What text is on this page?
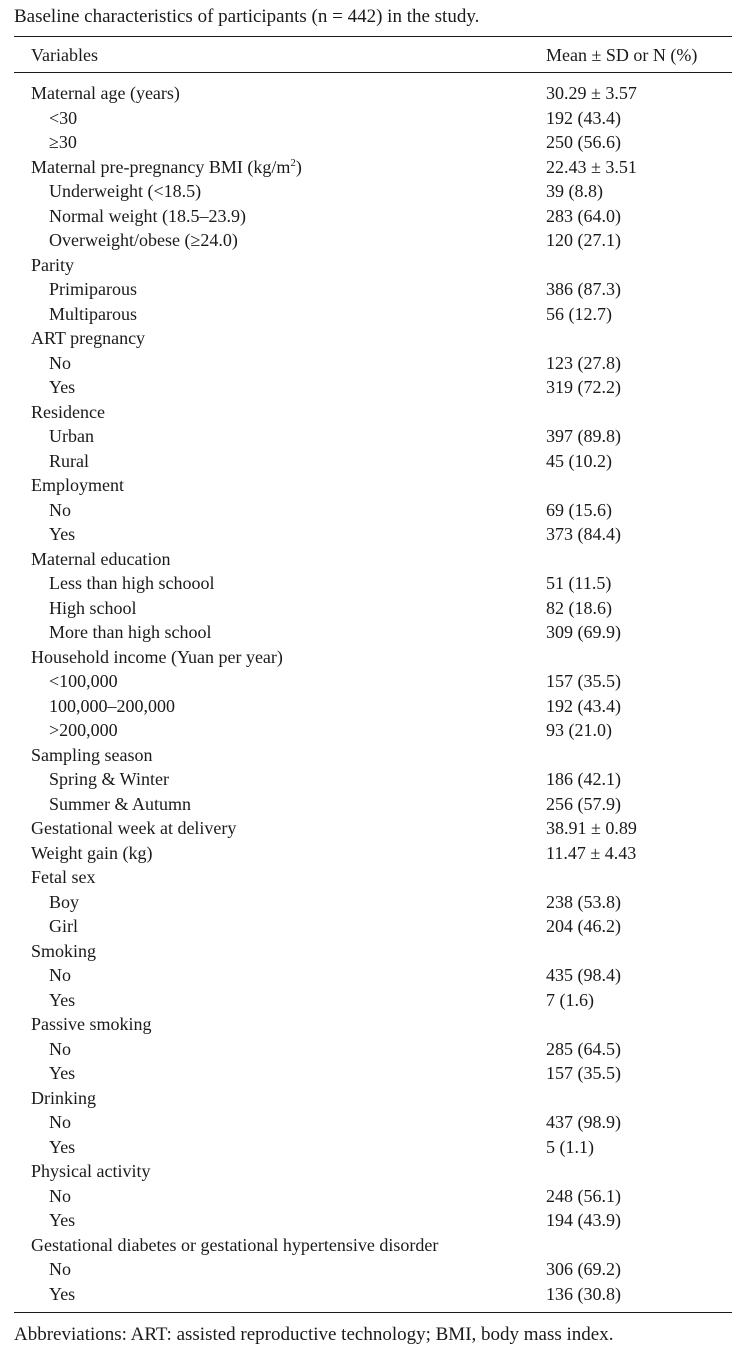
Baseline characteristics of participants (n = 442) in the study.
Variables	Mean ± SD or N (%)
Maternal age (years)	30.29 ± 3.57
<30	192 (43.4)
≥30	250 (56.6)
Maternal pre-pregnancy BMI $(kg/m^2)$	22.43 ± 3.51
Underweight (<18.5)	39 (8.8)
Normal weight (18.5–23.9)	283 (64.0)
Overweight/obese (≥24.0)	120 (27.1)
Parity
Primiparous	386 (87.3)
Multiparous	56 (12.7)
ART pregnancy
No	123 (27.8)
Yes	319 (72.2)
Residence
Urban	397 (89.8)
Rural	45 (10.2)
Employment
No	69 (15.6)
Yes	373 (84.4)
Maternal education
Less than high schoool	51 (11.5)
High school	82 (18.6)
More than high school	309 (69.9)
Household income (Yuan per year)
<100,000	157 (35.5)
100,000–200,000	192 (43.4)
>200,000	93 (21.0)
Sampling season
Spring & Winter	186 (42.1)
Summer & Autumn	256 (57.9)
Gestational week at delivery	38.91 ± 0.89
Weight gain (kg)	11.47 ± 4.43
Fetal sex
Boy	238 (53.8)
Girl	204 (46.2)
Smoking
No	435 (98.4)
Yes	7 (1.6)
Passive smoking
No	285 (64.5)
Yes	157 (35.5)
Drinking
No	437 (98.9)
Yes	5 (1.1)
Physical activity
No	248 (56.1)
Yes	194 (43.9)
Gestational diabetes or gestational hypertensive disorder
No	306 (69.2)
Yes	136 (30.8)
Abbreviations: ART: assisted reproductive technology; BMI, body mass index.
